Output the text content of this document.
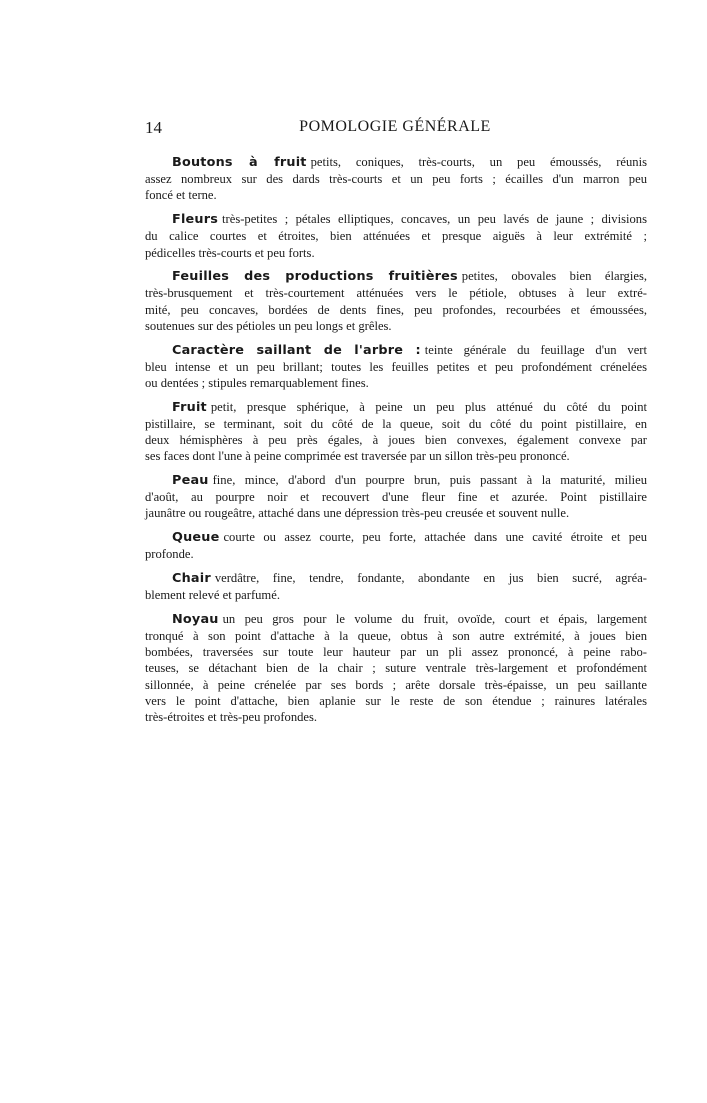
14	POMOLOGIE GÉNÉRALE
Boutons à fruit petits, coniques, très-courts, un peu émoussés, réunis
assez nombreux sur des dards très-courts et un peu forts ; écailles d'un marron peu
foncé et terne.
Fleurs très-petites ; pétales elliptiques, concaves, un peu lavés de jaune ; divisions
du calice courtes et étroites, bien atténuées et presque aiguës à leur extrémité ;
pédicelles très-courts et peu forts.
Feuilles des productions fruitières petites, obovales bien élargies,
très-brusquement et très-courtement atténuées vers le pétiole, obtuses à leur extré-
mité, peu concaves, bordées de dents fines, peu profondes, recourbées et émoussées,
soutenues sur des pétioles un peu longs et grêles.
Caractère saillant de l'arbre : teinte générale du feuillage d'un vert
bleu intense et un peu brillant; toutes les feuilles petites et peu profondément crénelées
ou dentées ; stipules remarquablement fines.
Fruit petit, presque sphérique, à peine un peu plus atténué du côté du point
pistillaire, se terminant, soit du côté de la queue, soit du côté du point pistillaire, en
deux hémisphères à peu près égales, à joues bien convexes, également convexe par
ses faces dont l'une à peine comprimée est traversée par un sillon très-peu prononcé.
Peau fine, mince, d'abord d'un pourpre brun, puis passant à la maturité, milieu
d'août, au pourpre noir et recouvert d'une fleur fine et azurée. Point pistillaire
jaunâtre ou rougeâtre, attaché dans une dépression très-peu creusée et souvent nulle.
Queue courte ou assez courte, peu forte, attachée dans une cavité étroite et peu
profonde.
Chair verdâtre, fine, tendre, fondante, abondante en jus bien sucré, agréa-
blement relevé et parfumé.
Noyau un peu gros pour le volume du fruit, ovoïde, court et épais, largement
tronqué à son point d'attache à la queue, obtus à son autre extrémité, à joues bien
bombées, traversées sur toute leur hauteur par un pli assez prononcé, à peine rabo-
teuses, se détachant bien de la chair ; suture ventrale très-largement et profondément
sillonnée, à peine crénelée par ses bords ; arête dorsale très-épaisse, un peu saillante
vers le point d'attache, bien aplanie sur le reste de son étendue ; rainures latérales
très-étroites et très-peu profondes.
